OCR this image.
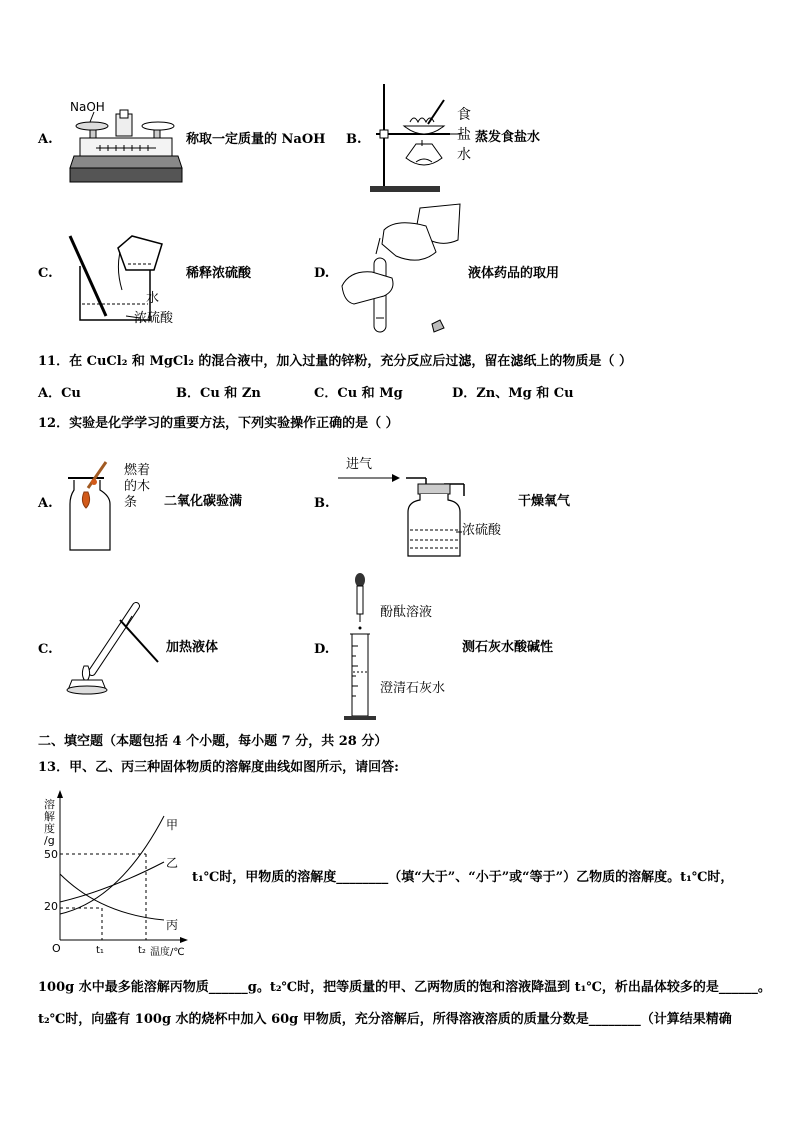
A.
NaOH
称取一定质量的 NaOH B.
食
盐
水
蒸发食盐水
C.
水
浓硫酸
稀释浓硫酸	D.	液体药品的取用
11．在 CuCl₂ 和 MgCl₂ 的混合液中，加入过量的锌粉，充分反应后过滤，留在滤纸上的物质是（ ）
A．Cu	B．Cu 和 Zn	C．Cu 和 Mg	D．Zn、Mg 和 Cu
12．实验是化学学习的重要方法，下列实验操作正确的是（ ）
A.
燃着
的木
条 二氧化碳验满	B.
进气
浓硫酸
干燥氧气
C.	加热液体	D.
酚酞溶液
澄清石灰水
测石灰水酸碱性
二、填空题（本题包括 4 个小题，每小题 7 分，共 28 分）
13．甲、乙、丙三种固体物质的溶解度曲线如图所示，请回答:
溶
解
度
/g
50
20
O	t₁	t₂ 温度/℃
甲
乙
丙
t₁℃时，甲物质的溶解度________（填“大于”、“小于”或“等于”）乙物质的溶解度。t₁℃时，
100g 水中最多能溶解丙物质______g。t₂℃时，把等质量的甲、乙两物质的饱和溶液降温到 t₁℃，析出晶体较多的是______。
t₂℃时，向盛有 100g 水的烧杯中加入 60g 甲物质，充分溶解后，所得溶液溶质的质量分数是________（计算结果精确
